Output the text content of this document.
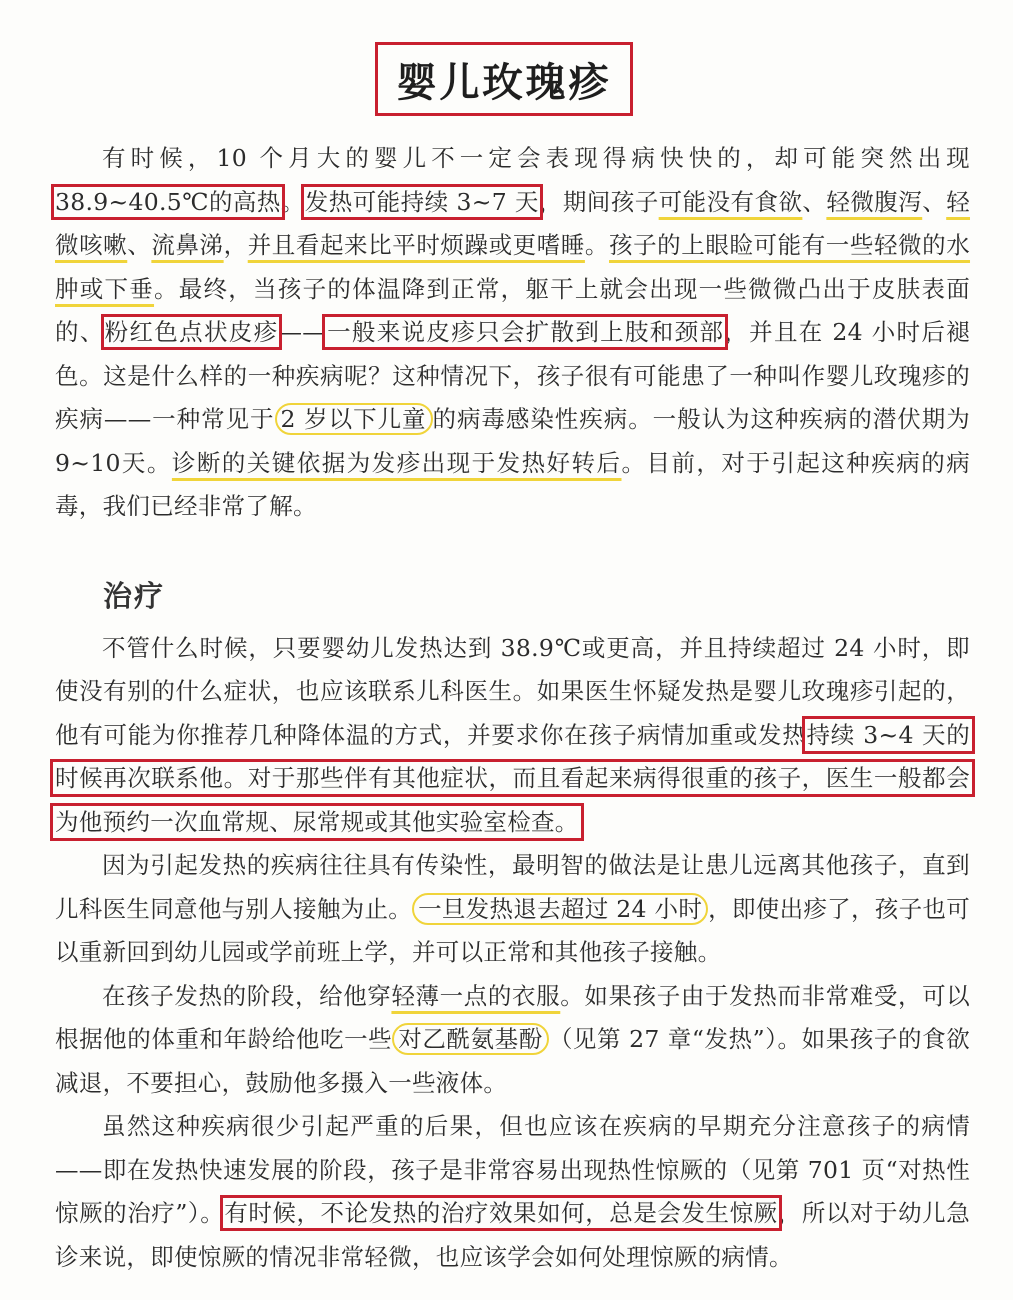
婴儿玫瑰疹

有时候，10 个月大的婴儿不一定会表现得病快快的，却可能突然出现38.9~40.5℃的高热。发热可能持续 3~7 天，期间孩子可能没有食欲、轻微腹泻、轻微咳嗽、流鼻涕，并且看起来比平时烦躁或更嗜睡。孩子的上眼睑可能有一些轻微的水肿或下垂。最终，当孩子的体温降到正常，躯干上就会出现一些微微凸出于皮肤表面的、粉红色点状皮疹——一般来说皮疹只会扩散到上肢和颈部，并且在 24 小时后褪色。这是什么样的一种疾病呢？这种情况下，孩子很有可能患了一种叫作婴儿玫瑰疹的疾病——一种常见于 2 岁以下儿童 的病毒感染性疾病。一般认为这种疾病的潜伏期为9~10天。诊断的关键依据为发疹出现于发热好转后。目前，对于引起这种疾病的病毒，我们已经非常了解。

治疗

不管什么时候，只要婴幼儿发热达到 38.9℃或更高，并且持续超过 24 小时，即使没有别的什么症状，也应该联系儿科医生。如果医生怀疑发热是婴儿玫瑰疹引起的，他有可能为你推荐几种降体温的方式，并要求你在孩子病情加重或发热持续 3~4 天的时候再次联系他。对于那些伴有其他症状，而且看起来病得很重的孩子，医生一般都会为他预约一次血常规、尿常规或其他实验室检查。

因为引起发热的疾病往往具有传染性，最明智的做法是让患儿远离其他孩子，直到儿科医生同意他与别人接触为止。 一旦发热退去超过 24 小时 ，即使出疹了，孩子也可以重新回到幼儿园或学前班上学，并可以正常和其他孩子接触。

在孩子发热的阶段，给他穿轻薄一点的衣服。如果孩子由于发热而非常难受，可以根据他的体重和年龄给他吃一些 对乙酰氨基酚 （见第 27 章“发热”）。如果孩子的食欲减退，不要担心，鼓励他多摄入一些液体。

虽然这种疾病很少引起严重的后果，但也应该在疾病的早期充分注意孩子的病情——即在发热快速发展的阶段，孩子是非常容易出现热性惊厥的（见第 701 页“对热性惊厥的治疗”）。有时候，不论发热的治疗效果如何，总是会发生惊厥，所以对于幼儿急诊来说，即使惊厥的情况非常轻微，也应该学会如何处理惊厥的病情。
